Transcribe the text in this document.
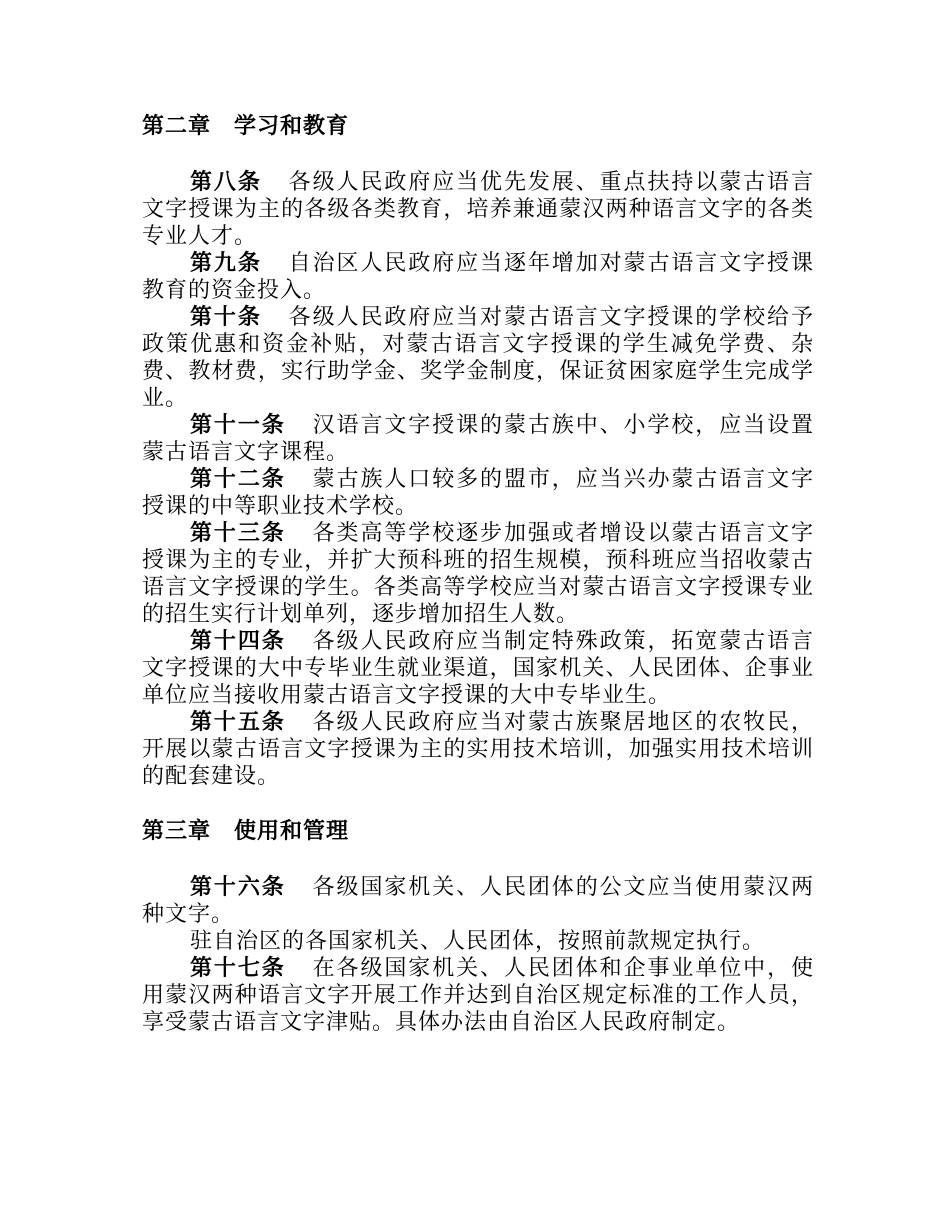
第二章　学习和教育

第八条 各级人民政府应当优先发展、重点扶持以蒙古语言文字授课为主的各级各类教育，培养兼通蒙汉两种语言文字的各类专业人才。

第九条 自治区人民政府应当逐年增加对蒙古语言文字授课教育的资金投入。

第十条 各级人民政府应当对蒙古语言文字授课的学校给予政策优惠和资金补贴，对蒙古语言文字授课的学生减免学费、杂费、教材费，实行助学金、奖学金制度，保证贫困家庭学生完成学业。

第十一条 汉语言文字授课的蒙古族中、小学校，应当设置蒙古语言文字课程。

第十二条 蒙古族人口较多的盟市，应当兴办蒙古语言文字授课的中等职业技术学校。

第十三条 各类高等学校逐步加强或者增设以蒙古语言文字授课为主的专业，并扩大预科班的招生规模，预科班应当招收蒙古语言文字授课的学生。各类高等学校应当对蒙古语言文字授课专业的招生实行计划单列，逐步增加招生人数。

第十四条 各级人民政府应当制定特殊政策，拓宽蒙古语言文字授课的大中专毕业生就业渠道，国家机关、人民团体、企事业单位应当接收用蒙古语言文字授课的大中专毕业生。

第十五条 各级人民政府应当对蒙古族聚居地区的农牧民，开展以蒙古语言文字授课为主的实用技术培训，加强实用技术培训的配套建设。

第三章　使用和管理

第十六条 各级国家机关、人民团体的公文应当使用蒙汉两种文字。

驻自治区的各国家机关、人民团体，按照前款规定执行。

第十七条 在各级国家机关、人民团体和企事业单位中，使用蒙汉两种语言文字开展工作并达到自治区规定标准的工作人员，享受蒙古语言文字津贴。具体办法由自治区人民政府制定。
